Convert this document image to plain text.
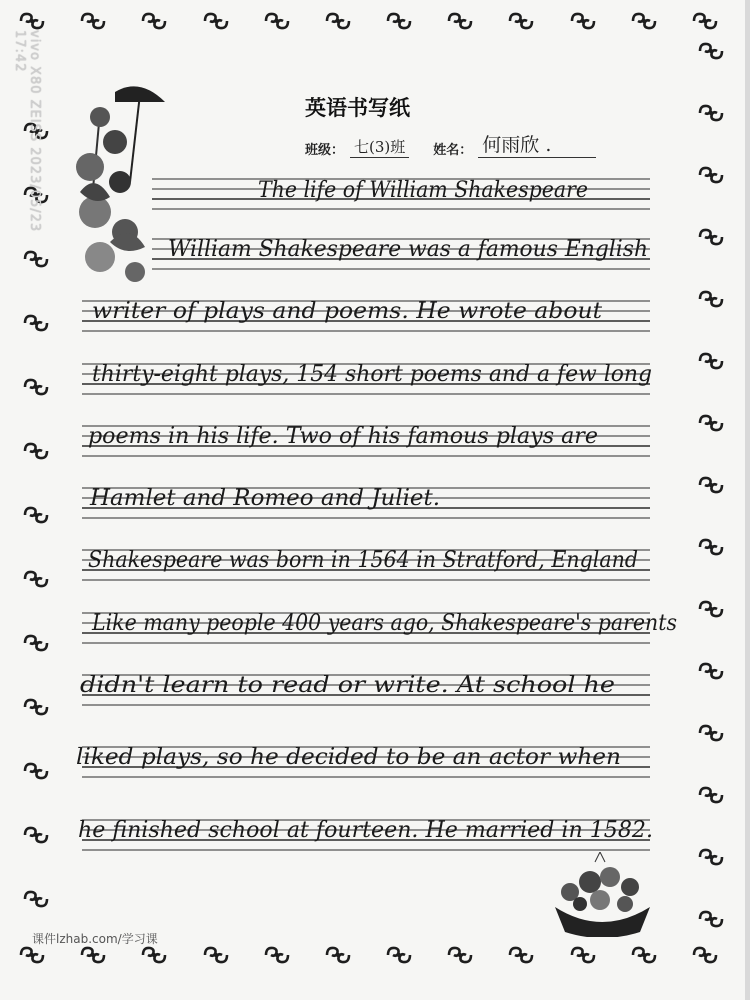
vivo X80 ZEISS 2023/05/23 17:42
英语书写纸
班级： 七(3)班	姓名： 何雨欣 .
The life of William Shakespeare
William Shakespeare was a famous English
writer of plays and poems. He wrote about
thirty-eight plays, 154 short poems and a few long
poems in his life. Two of his famous plays are
Hamlet and Romeo and Juliet.
Shakespeare was born in 1564 in Stratford, England
Like many people 400 years ago, Shakespeare's parents
didn't learn to read or write. At school he
liked plays, so he decided to be an actor when
he finished school at fourteen. He married in 1582.
课件lzhab.com/学习课
